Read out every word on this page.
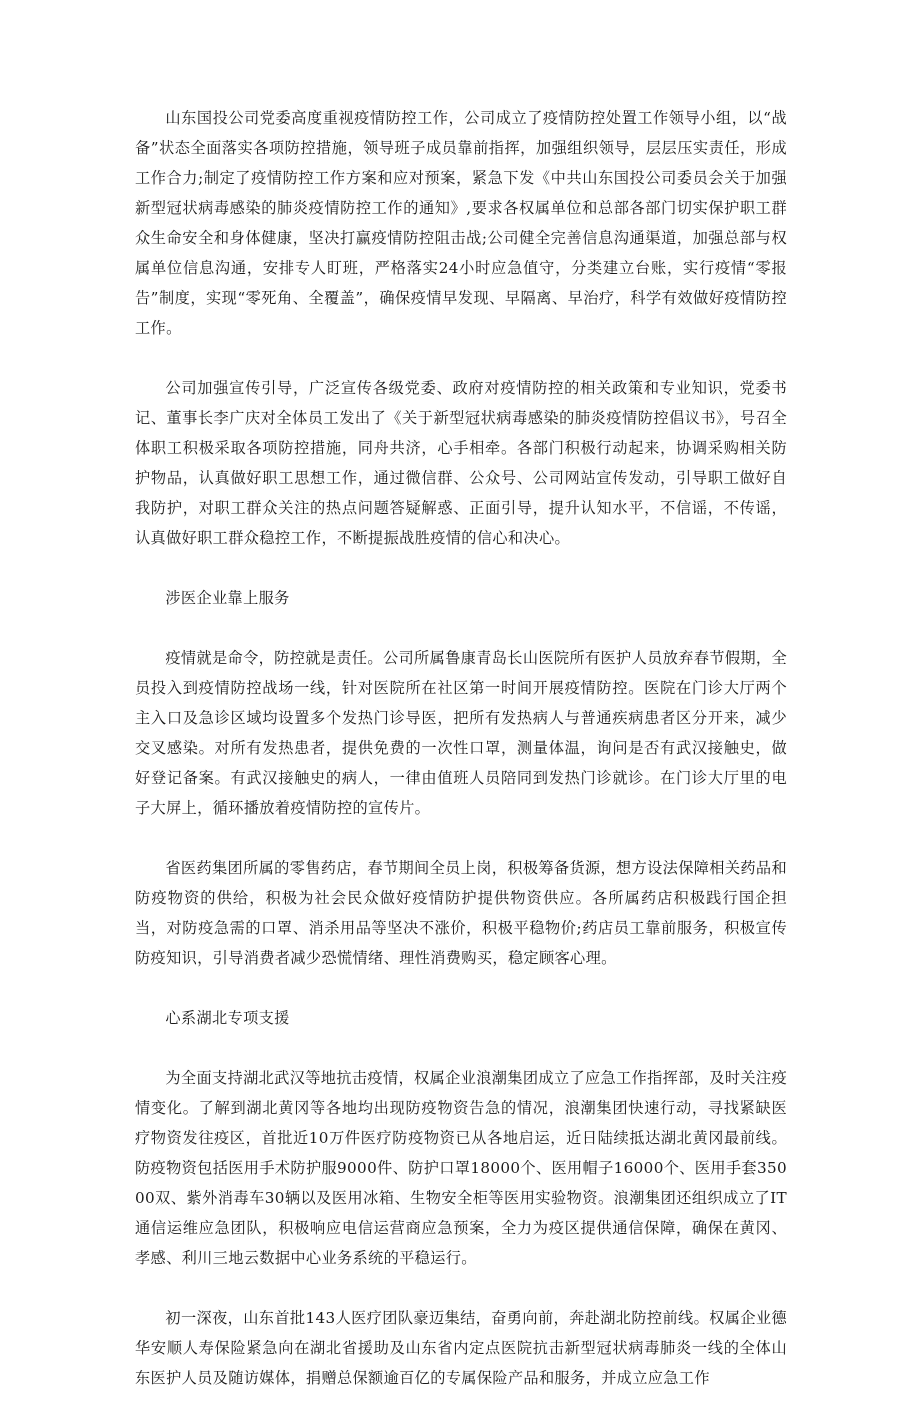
山东国投公司党委高度重视疫情防控工作，公司成立了疫情防控处置工作领导小组，以“战备”状态全面落实各项防控措施，领导班子成员靠前指挥，加强组织领导，层层压实责任，形成工作合力;制定了疫情防控工作方案和应对预案，紧急下发《中共山东国投公司委员会关于加强新型冠状病毒感染的肺炎疫情防控工作的通知》,要求各权属单位和总部各部门切实保护职工群众生命安全和身体健康，坚决打赢疫情防控阻击战;公司健全完善信息沟通渠道，加强总部与权属单位信息沟通，安排专人盯班，严格落实24小时应急值守，分类建立台账，实行疫情“零报告”制度，实现“零死角、全覆盖”，确保疫情早发现、早隔离、早治疗，科学有效做好疫情防控工作。

公司加强宣传引导，广泛宣传各级党委、政府对疫情防控的相关政策和专业知识，党委书记、董事长李广庆对全体员工发出了《关于新型冠状病毒感染的肺炎疫情防控倡议书》，号召全体职工积极采取各项防控措施，同舟共济，心手相牵。各部门积极行动起来，协调采购相关防护物品，认真做好职工思想工作，通过微信群、公众号、公司网站宣传发动，引导职工做好自我防护，对职工群众关注的热点问题答疑解惑、正面引导，提升认知水平，不信谣，不传谣，认真做好职工群众稳控工作，不断提振战胜疫情的信心和决心。

涉医企业靠上服务

疫情就是命令，防控就是责任。公司所属鲁康青岛长山医院所有医护人员放弃春节假期，全员投入到疫情防控战场一线，针对医院所在社区第一时间开展疫情防控。医院在门诊大厅两个主入口及急诊区域均设置多个发热门诊导医，把所有发热病人与普通疾病患者区分开来，减少交叉感染。对所有发热患者，提供免费的一次性口罩，测量体温，询问是否有武汉接触史，做好登记备案。有武汉接触史的病人，一律由值班人员陪同到发热门诊就诊。在门诊大厅里的电子大屏上，循环播放着疫情防控的宣传片。

省医药集团所属的零售药店，春节期间全员上岗，积极筹备货源，想方设法保障相关药品和防疫物资的供给，积极为社会民众做好疫情防护提供物资供应。各所属药店积极践行国企担当，对防疫急需的口罩、消杀用品等坚决不涨价，积极平稳物价;药店员工靠前服务，积极宣传防疫知识，引导消费者减少恐慌情绪、理性消费购买，稳定顾客心理。

心系湖北专项支援

为全面支持湖北武汉等地抗击疫情，权属企业浪潮集团成立了应急工作指挥部，及时关注疫情变化。了解到湖北黄冈等各地均出现防疫物资告急的情况，浪潮集团快速行动，寻找紧缺医疗物资发往疫区，首批近10万件医疗防疫物资已从各地启运，近日陆续抵达湖北黄冈最前线。防疫物资包括医用手术防护服9000件、防护口罩18000个、医用帽子16000个、医用手套35000双、紫外消毒车30辆以及医用冰箱、生物安全柜等医用实验物资。浪潮集团还组织成立了IT通信运维应急团队，积极响应电信运营商应急预案，全力为疫区提供通信保障，确保在黄冈、孝感、利川三地云数据中心业务系统的平稳运行。

初一深夜，山东首批143人医疗团队豪迈集结，奋勇向前，奔赴湖北防控前线。权属企业德华安顺人寿保险紧急向在湖北省援助及山东省内定点医院抗击新型冠状病毒肺炎一线的全体山东医护人员及随访媒体，捐赠总保额逾百亿的专属保险产品和服务，并成立应急工作
